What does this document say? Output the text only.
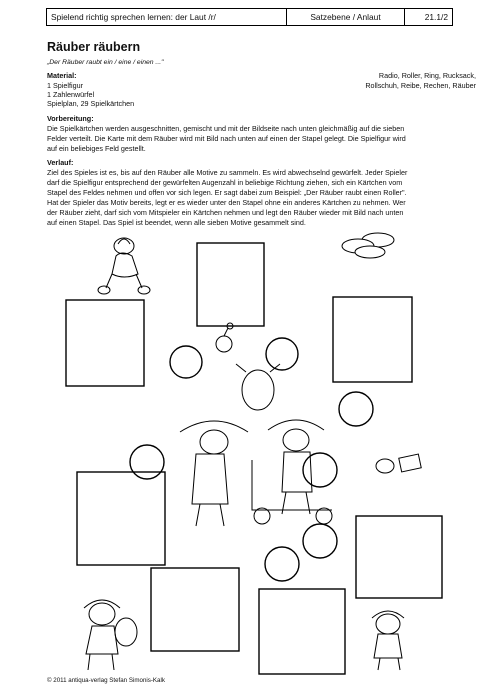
Spielend richtig sprechen lernen: der Laut /r/	Satzebene / Anlaut	21.1/2
Räuber räubern
„Der Räuber raubt ein / eine / einen ..."
Material:
1 Spielfigur
1 Zahlenwürfel
Spielplan, 29 Spielkärtchen
Radio, Roller, Ring, Rucksack,
Rollschuh, Reibe, Rechen, Räuber
Vorbereitung:
Die Spielkärtchen werden ausgeschnitten, gemischt und mit der Bildseite nach unten gleichmäßig auf die sieben
Felder verteilt. Die Karte mit dem Räuber wird mit Bild nach unten auf einen der Stapel gelegt. Die Spielfigur wird
auf ein beliebiges Feld gestellt.
Verlauf:
Ziel des Spieles ist es, bis auf den Räuber alle Motive zu sammeln. Es wird abwechselnd gewürfelt. Jeder Spieler
darf die Spielfigur entsprechend der gewürfelten Augenzahl in beliebige Richtung ziehen, sich ein Kärtchen vom
Stapel des Feldes nehmen und offen vor sich legen. Er sagt dabei zum Beispiel: „Der Räuber raubt einen Roller".
Hat der Spieler das Motiv bereits, legt er es wieder unter den Stapel ohne ein anderes Kärtchen zu nehmen. Wer
der Räuber zieht, darf sich vom Mitspieler ein Kärtchen nehmen und legt den Räuber wieder mit Bild nach unten
auf einen Stapel. Das Spiel ist beendet, wenn alle sieben Motive gesammelt sind.
© 2011 antiqua-verlag Stefan Simonis-Kalk
